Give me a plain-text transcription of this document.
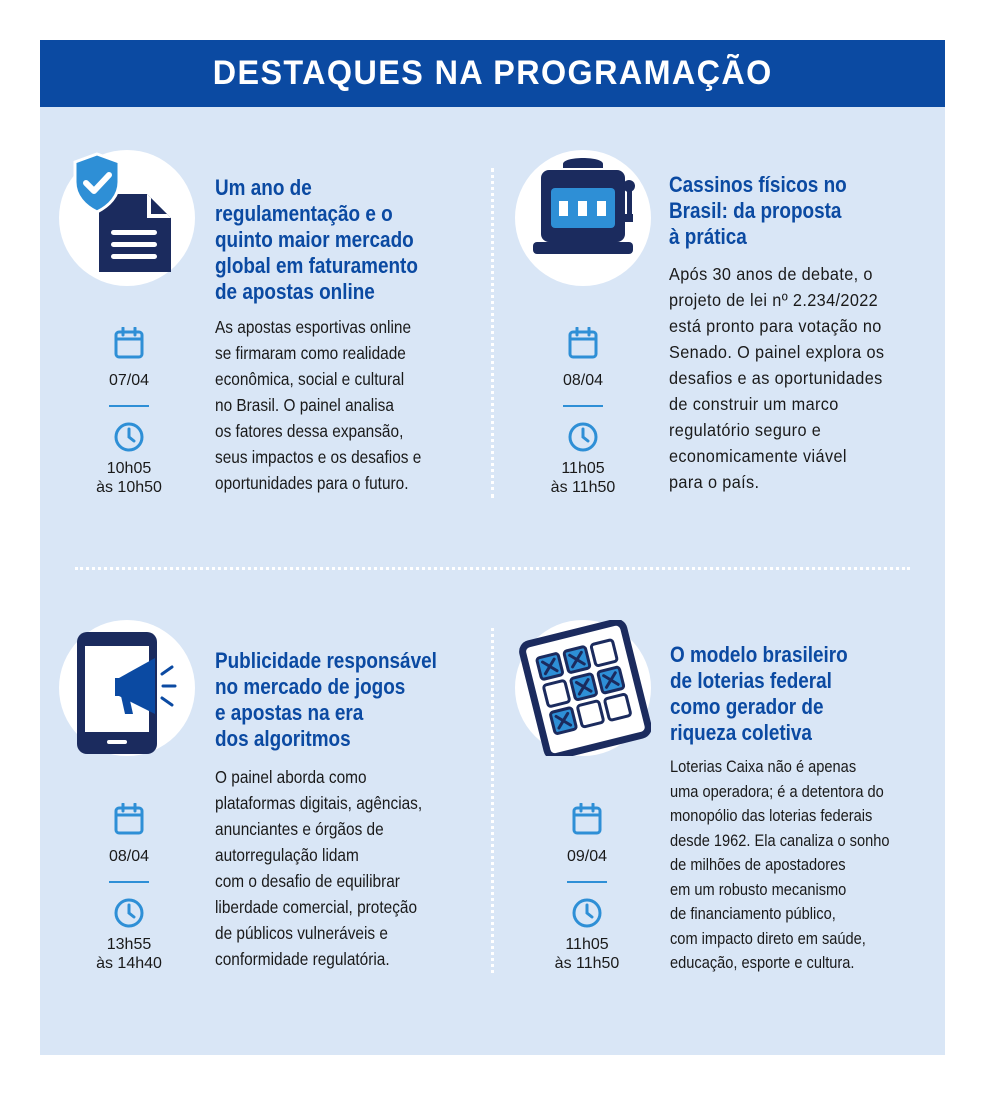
DESTAQUES NA PROGRAMAÇÃO
Um ano de
regulamentação e o
quinto maior mercado
global em faturamento
de apostas online
As apostas esportivas online
se firmaram como realidade
econômica, social e cultural
no Brasil. O painel analisa
os fatores dessa expansão,
seus impactos e os desafios e
oportunidades para o futuro.
07/04
10h05
às 10h50
Cassinos físicos no
Brasil: da proposta
à prática
Após 30 anos de debate, o
projeto de lei nº 2.234/2022
está pronto para votação no
Senado. O painel explora os
desafios e as oportunidades
de construir um marco
regulatório seguro e
economicamente viável
para o país.
08/04
11h05
às 11h50
Publicidade responsável
no mercado de jogos
e apostas na era
dos algoritmos
O painel aborda como
plataformas digitais, agências,
anunciantes e órgãos de
autorregulação lidam
com o desafio de equilibrar
liberdade comercial, proteção
de públicos vulneráveis e
conformidade regulatória.
08/04
13h55
às 14h40
O modelo brasileiro
de loterias federal
como gerador de
riqueza coletiva
Loterias Caixa não é apenas
uma operadora; é a detentora do
monopólio das loterias federais
desde 1962. Ela canaliza o sonho
de milhões de apostadores
em um robusto mecanismo
de financiamento público,
com impacto direto em saúde,
educação, esporte e cultura.
09/04
11h05
às 11h50
